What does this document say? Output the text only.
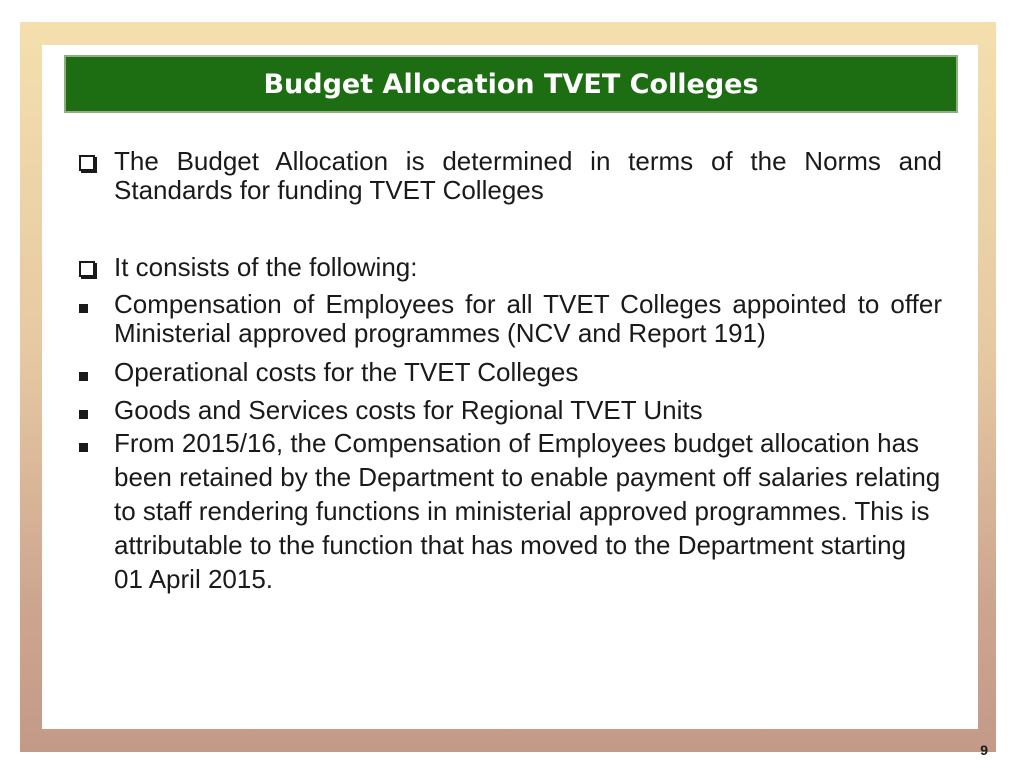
Budget Allocation TVET Colleges
The Budget Allocation is determined in terms of the Norms and Standards for funding TVET Colleges
It consists of the following:
Compensation of Employees for all TVET Colleges appointed to offer Ministerial approved programmes (NCV and Report 191)
Operational costs for the TVET Colleges
Goods and Services costs for Regional TVET Units
From 2015/16, the Compensation of Employees budget allocation has been retained by the Department to enable payment off salaries relating to staff rendering functions in ministerial approved programmes. This is attributable to the function that has moved to the Department starting 01 April 2015.
9
